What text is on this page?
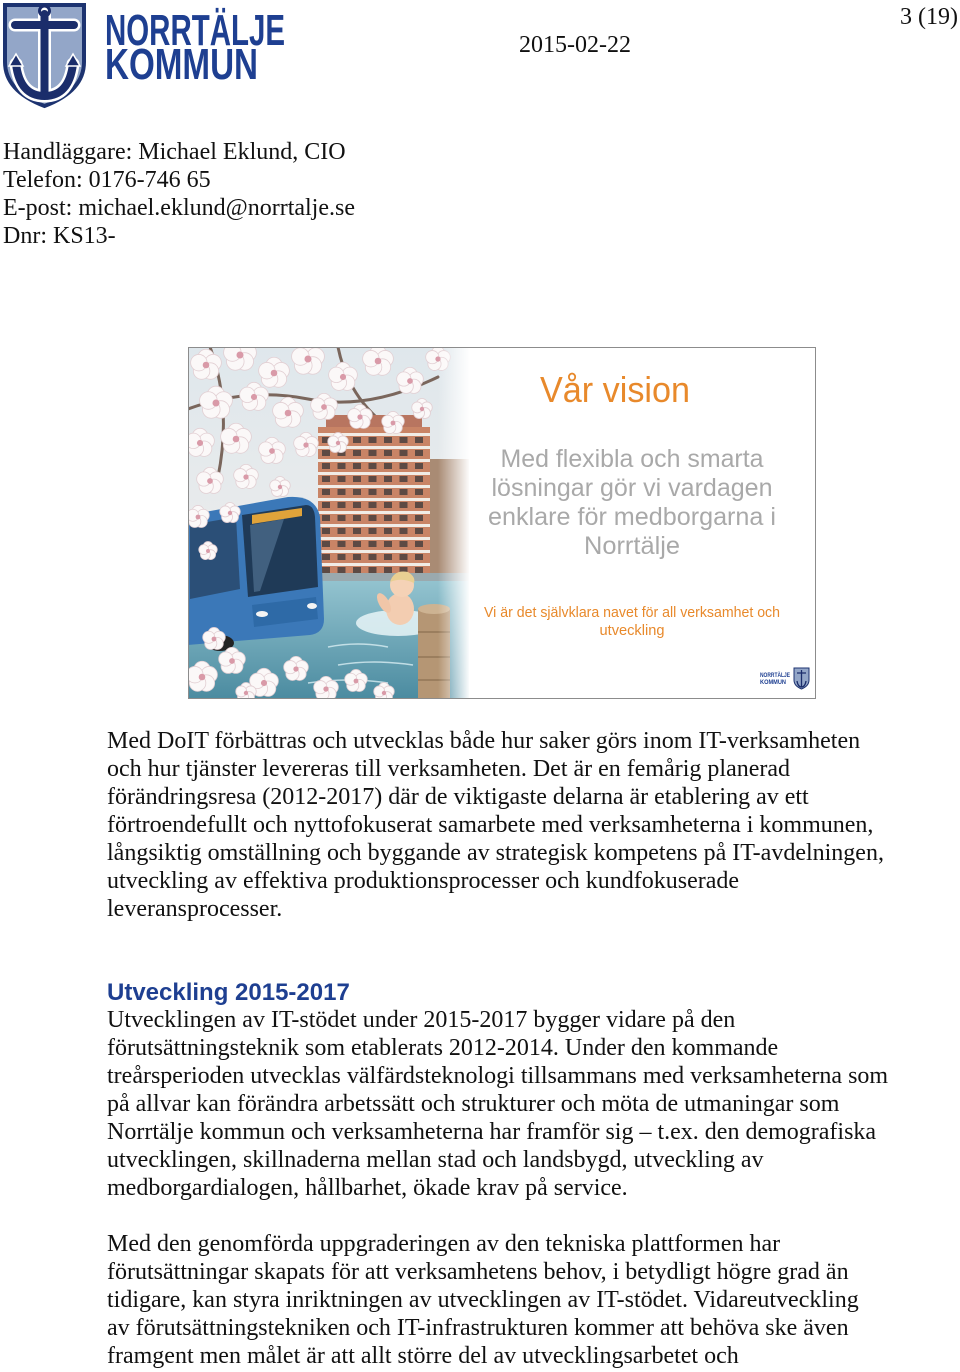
NORRTÄLJE
KOMMUN	2015-02-22
3 (19)
Handläggare: Michael Eklund, CIO
Telefon: 0176-746 65
E-post: michael.eklund@norrtalje.se
Dnr: KS13-
Vår vision
Med flexibla och smarta
lösningar gör vi vardagen
enklare för medborgarna i
Norrtälje
Vi är det självklara navet för all verksamhet och
utveckling
NORRTÄLJE
KOMMUN
Med DoIT förbättras och utvecklas både hur saker görs inom IT-verksamheten
och hur tjänster levereras till verksamheten. Det är en femårig planerad
förändringsresa (2012-2017) där de viktigaste delarna är etablering av ett
förtroendefullt och nyttofokuserat samarbete med verksamheterna i kommunen,
långsiktig omställning och byggande av strategisk kompetens på IT-avdelningen,
utveckling av effektiva produktionsprocesser och kundfokuserade
leveransprocesser.
Utveckling 2015-2017
Utvecklingen av IT-stödet under 2015-2017 bygger vidare på den
förutsättningsteknik som etablerats 2012-2014. Under den kommande
treårsperioden utvecklas välfärdsteknologi tillsammans med verksamheterna som
på allvar kan förändra arbetssätt och strukturer och möta de utmaningar som
Norrtälje kommun och verksamheterna har framför sig – t.ex. den demografiska
utvecklingen, skillnaderna mellan stad och landsbygd, utveckling av
medborgardialogen, hållbarhet, ökade krav på service.
Med den genomförda uppgraderingen av den tekniska plattformen har
förutsättningar skapats för att verksamhetens behov, i betydligt högre grad än
tidigare, kan styra inriktningen av utvecklingen av IT-stödet. Vidareutveckling
av förutsättningstekniken och IT-infrastrukturen kommer att behöva ske även
framgent men målet är att allt större del av utvecklingsarbetet och
